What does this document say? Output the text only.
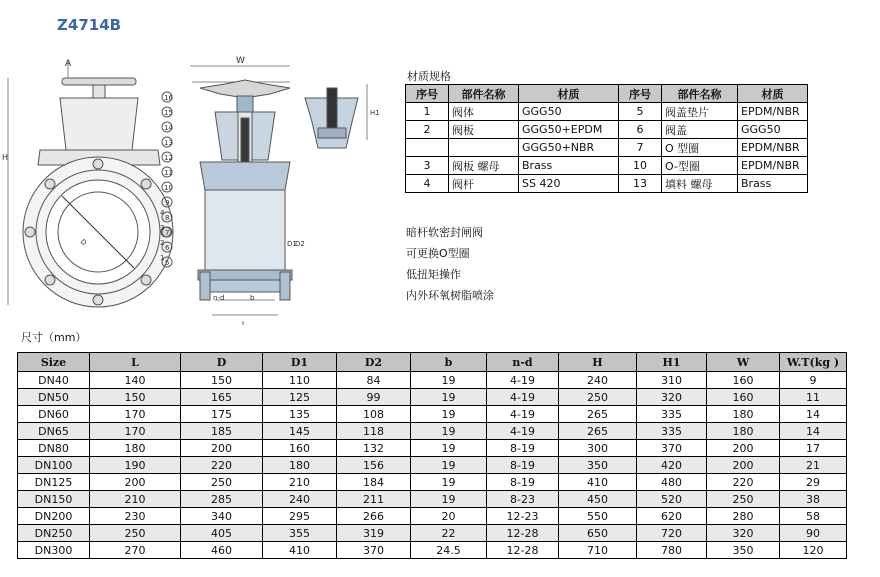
Z4714B
A
H
D
W
D1
L
b
n-d
D2
16
15
14
13
12
11
10
9
8
7
6
5
4
3
2
1
H1
材质规格
序号	部件名称	材质	序号	部件名称	材质
1	阀体	GGG50	5	阀盖垫片	EPDM/NBR
2	阀板	GGG50+EPDM	6	阀盖	GGG50
		GGG50+NBR	7	O 型圈	EPDM/NBR
3	阀板 螺母	Brass	10	O-型圈	EPDM/NBR
4	阀杆	SS 420	13	填料 螺母	Brass
暗杆软密封闸阀
可更换O型圈
低扭矩操作
内外环氧树脂喷涂
尺寸（mm）
Size	L	D	D1	D2	b	n-d	H	H1	W	W.T(kg )
DN40	140	150	110	84	19	4-19	240	310	160	9
DN50	150	165	125	99	19	4-19	250	320	160	11
DN60	170	175	135	108	19	4-19	265	335	180	14
DN65	170	185	145	118	19	4-19	265	335	180	14
DN80	180	200	160	132	19	8-19	300	370	200	17
DN100	190	220	180	156	19	8-19	350	420	200	21
DN125	200	250	210	184	19	8-19	410	480	220	29
DN150	210	285	240	211	19	8-23	450	520	250	38
DN200	230	340	295	266	20	12-23	550	620	280	58
DN250	250	405	355	319	22	12-28	650	720	320	90
DN300	270	460	410	370	24.5	12-28	710	780	350	120
